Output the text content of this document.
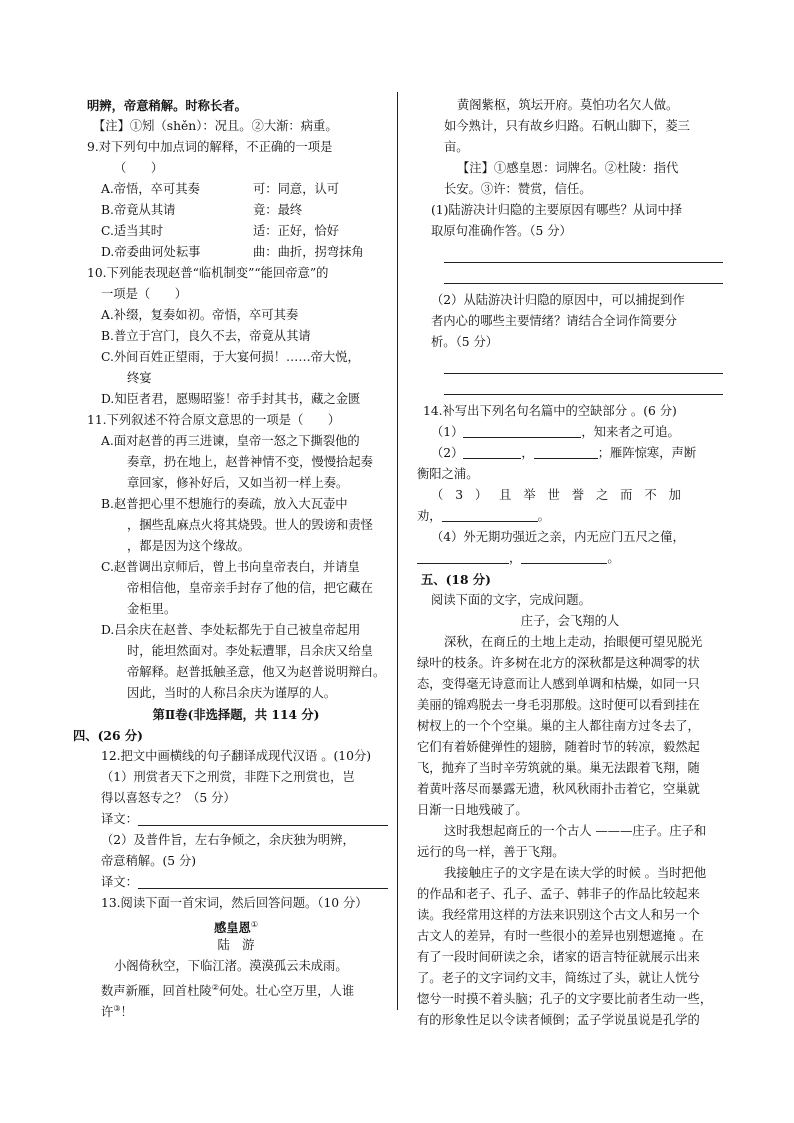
明辨，帝意稍解。时称长者。
【注】①矧（shěn）：况且。②大渐：病重。
9.对下列句中加点词的解释，不正确的一项是
（　　）
A.帝悟，卒可其奏	可：同意，认可
B.帝竟从其请	竟：最终
C.适当其时	适：正好，恰好
D.帝委曲诃处耘事	曲：曲折，拐弯抹角
10.下列能表现赵普“临机制变”“能回帝意”的
一项是（　　）
A.补缀，复奏如初。帝悟，卒可其奏
B.普立于宫门，良久不去，帝竟从其请
C.外间百姓正望雨，于大宴何损！……帝大悦，
终宴
D.知臣者君，愿赐昭鉴！帝手封其书，藏之金匮
11.下列叙述不符合原文意思的一项是（　　）
A.面对赵普的再三进谏，皇帝一怒之下撕裂他的
奏章，扔在地上，赵普神情不变，慢慢拾起奏
章回家，修补好后，又如当初一样上奏。
B.赵普把心里不想施行的奏疏，放入大瓦壶中
，捆些乱麻点火将其烧毁。世人的毁谤和责怪
，都是因为这个缘故。
C.赵普调出京师后，曾上书向皇帝表白，并请皇
帝相信他，皇帝亲手封存了他的信，把它藏在
金柜里。
D.吕余庆在赵普、李处耘都先于自己被皇帝起用
时，能坦然面对。李处耘遭罪，吕余庆又给皇
帝解释。赵普抵触圣意，他又为赵普说明辩白。
因此，当时的人称吕余庆为谨厚的人。
第Ⅱ卷(非选择题，共 114 分)
四、(26 分)
12.把文中画横线的句子翻译成现代汉语 。(10分)
（1）刑赏者天下之刑赏，非陛下之刑赏也，岂
得以喜怒专之？（5 分）
译文：
（2）及普件旨，左右争倾之，余庆独为明辨，
帝意稍解。(5 分)
译文：
13.阅读下面一首宋词，然后回答问题。（10 分）
感皇恩①
陆　游
小阁倚秋空，下临江渚。漠漠孤云未成雨。
数声新雁，回首杜陵②何处。壮心空万里，人谁
许③！
黄阁紫枢，筑坛开府。莫怕功名欠人做。
如今熟计，只有故乡归路。石帆山脚下，菱三
亩。
【注】①感皇恩：词牌名。②杜陵：指代
长安。③许：赞赏，信任。
(1)陆游决计归隐的主要原因有哪些？从词中择
取原句准确作答。（5 分）
（2）从陆游决计归隐的原因中，可以捕捉到作
者内心的哪些主要情绪？请结合全词作简要分
析。（5 分）
14.补写出下列名句名篇中的空缺部分 。(6 分)
（1）	，知来者之可追。
（2）	，	；雁阵惊寒，声断
衡阳之浦。
（ 3 ） 且 举 世 誉 之 而 不 加
劝，	。
（4）外无期功强近之亲，内无应门五尺之僮，
，	。
五、(18 分)
阅读下面的文字，完成问题。
庄子，会飞翔的人
深秋，在商丘的土地上走动，抬眼便可望见脱光
绿叶的枝条。许多树在北方的深秋都是这种凋零的状
态，变得毫无诗意而让人感到单调和枯燥，如同一只
美丽的锦鸡脱去一身毛羽那般。这时便可以看到挂在
树杈上的一个个空巢。巢的主人都往南方过冬去了，
它们有着娇健弹性的翅膀，随着时节的转凉，毅然起
飞，抛弃了当时辛劳筑就的巢。巢无法跟着飞翔，随
着黄叶落尽而暴露无遗，秋风秋雨扑击着它，空巢就
日渐一日地残破了。
这时我想起商丘的一个古人 ———庄子。庄子和
远行的鸟一样，善于飞翔。
我接触庄子的文字是在读大学的时候 。当时把他
的作品和老子、孔子、孟子、韩非子的作品比较起来
读。我经常用这样的方法来识别这个古文人和另一个
古文人的差异，有时一些很小的差异也别想遮掩 。在
有了一段时间研读之余，诸家的语言特征就展示出来
了。老子的文字词约文丰，简练过了头，就让人恍兮
惚兮一时摸不着头脑；孔子的文字要比前者生动一些，
有的形象性足以令读者倾倒；孟子学说虽说是孔学的
